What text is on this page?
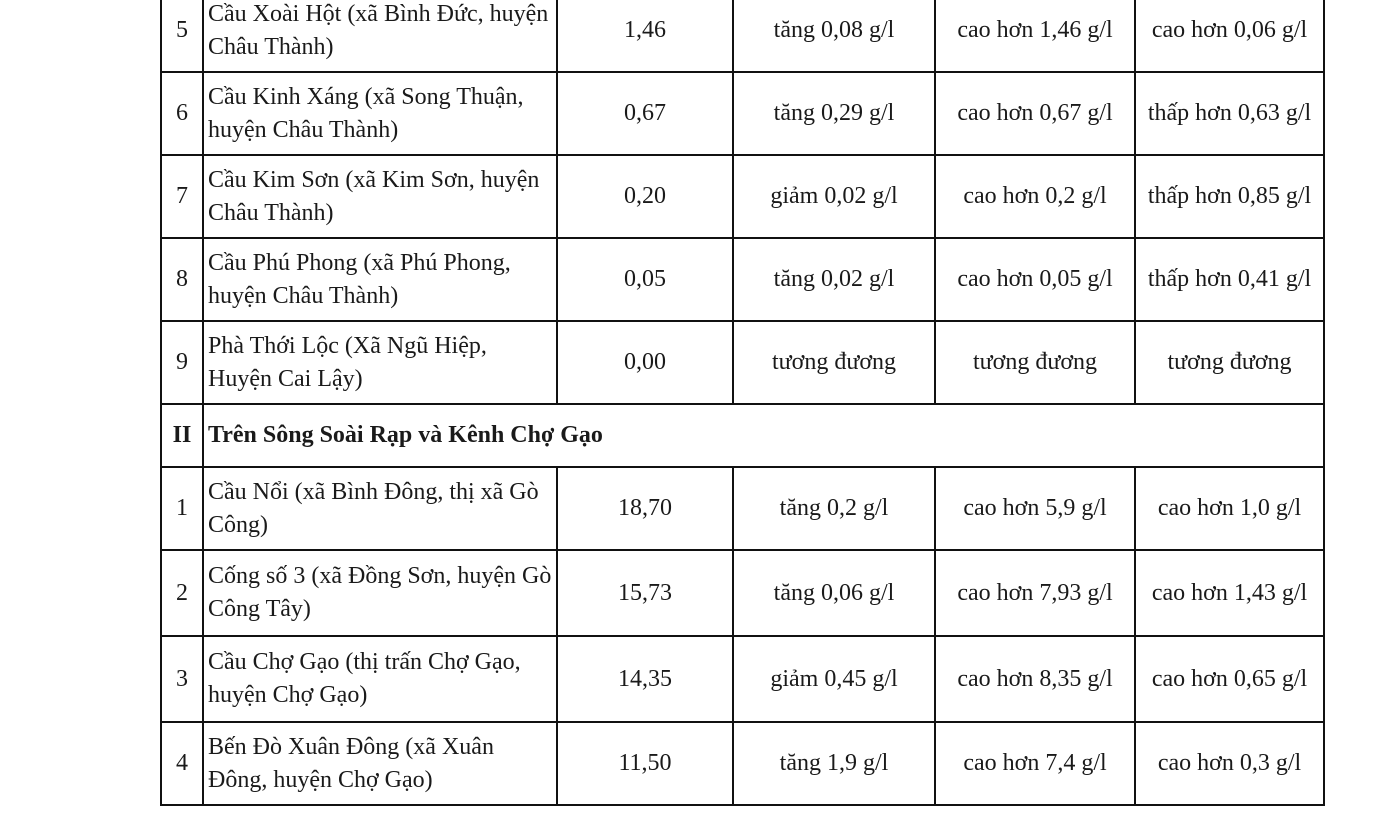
5	Cầu Xoài Hột (xã Bình Đức, huyện Châu Thành)	1,46	tăng 0,08 g/l	cao hơn 1,46 g/l	cao hơn 0,06 g/l
6	Cầu Kinh Xáng (xã Song Thuận, huyện Châu Thành)	0,67	tăng 0,29 g/l	cao hơn 0,67 g/l	thấp hơn 0,63 g/l
7	Cầu Kim Sơn (xã Kim Sơn, huyện Châu Thành)	0,20	giảm 0,02 g/l	cao hơn 0,2 g/l	thấp hơn 0,85 g/l
8	Cầu Phú Phong (xã Phú Phong, huyện Châu Thành)	0,05	tăng 0,02 g/l	cao hơn 0,05 g/l	thấp hơn 0,41 g/l
9	Phà Thới Lộc (Xã Ngũ Hiệp, Huyện Cai Lậy)	0,00	tương đương	tương đương	tương đương
II	Trên Sông Soài Rạp và Kênh Chợ Gạo				
1	Cầu Nổi (xã Bình Đông, thị xã Gò Công)	18,70	tăng 0,2 g/l	cao hơn 5,9 g/l	cao hơn 1,0 g/l
2	Cống số 3 (xã Đồng Sơn, huyện Gò Công Tây)	15,73	tăng 0,06 g/l	cao hơn 7,93 g/l	cao hơn 1,43 g/l
3	Cầu Chợ Gạo (thị trấn Chợ Gạo, huyện Chợ Gạo)	14,35	giảm 0,45 g/l	cao hơn 8,35 g/l	cao hơn 0,65 g/l
4	Bến Đò Xuân Đông (xã Xuân Đông, huyện Chợ Gạo)	11,50	tăng 1,9 g/l	cao hơn 7,4 g/l	cao hơn 0,3 g/l
